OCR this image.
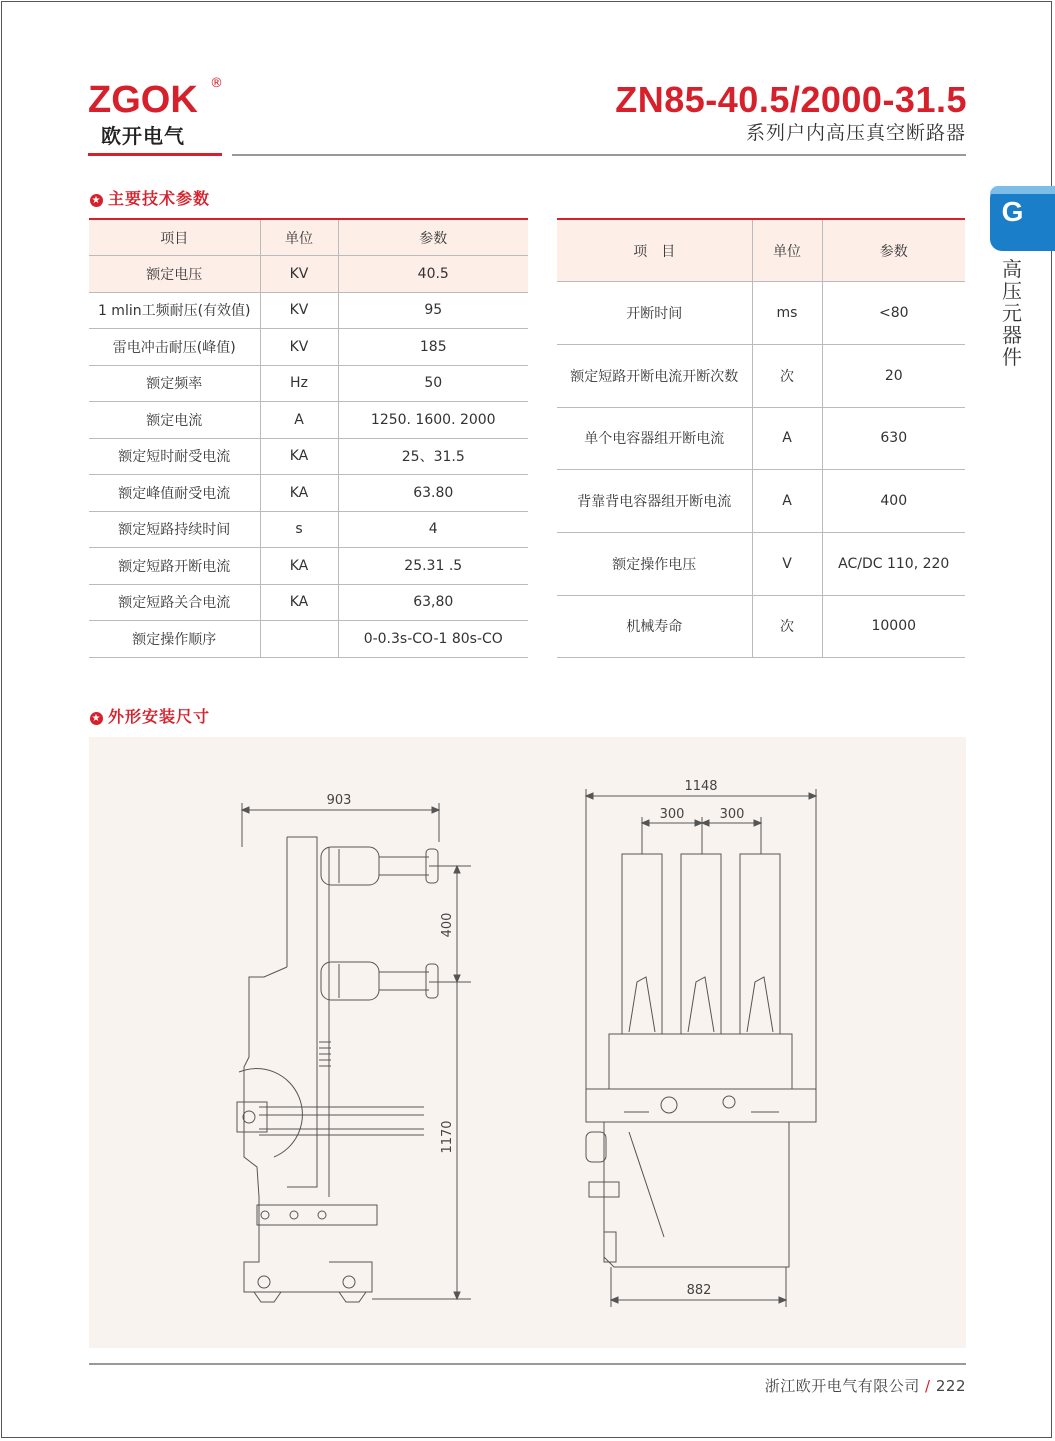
ZGOK ®
欧开电气
ZN85-40.5/2000-31.5
系列户内高压真空断路器
G
高压元器件
★ 主要技术参数
项目	单位	参数
额定电压	KV	40.5
1 mlin工频耐压(有效值)	KV	95
雷电冲击耐压(峰值)	KV	185
额定频率	Hz	50
额定电流	A	1250. 1600. 2000
额定短时耐受电流	KA	25、31.5
额定峰值耐受电流	KA	63.80
额定短路持续时间	s	4
额定短路开断电流	KA	25.31 .5
额定短路关合电流	KA	63,80
额定操作顺序		0-0.3s-CO-1 80s-CO
项　目	单位	参数
开断时间	ms	<80
额定短路开断电流开断次数	次	20
单个电容器组开断电流	A	630
背靠背电容器组开断电流	A	400
额定操作电压	V	AC/DC 110, 220
机械寿命	次	10000
★ 外形安装尺寸
903
400
1170
1148
300	300
882
浙江欧开电气有限公司 / 222
